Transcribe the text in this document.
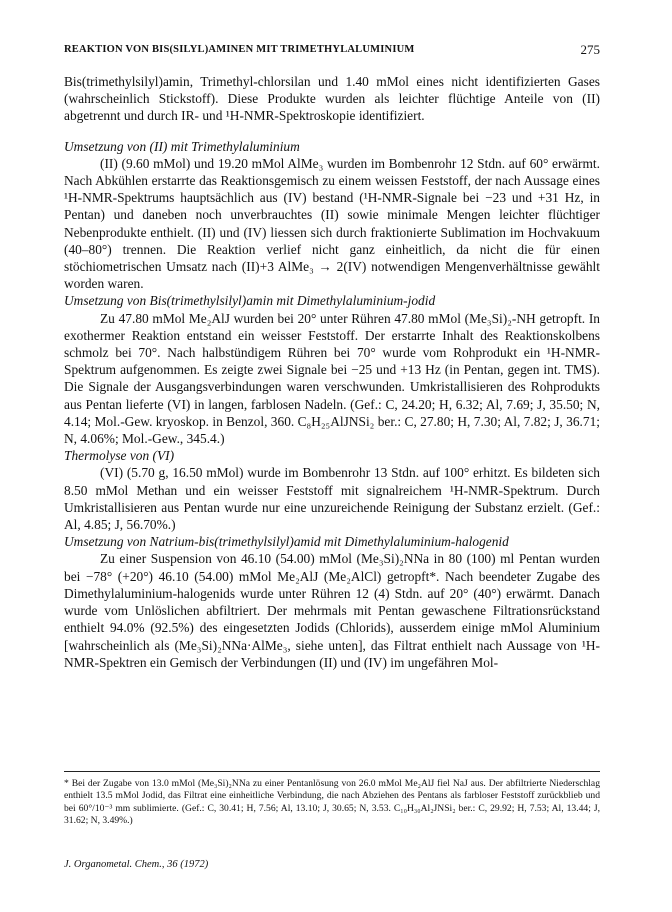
REAKTION VON BIS(SILYL)AMINEN MIT TRIMETHYLALUMINIUM	275

Bis(trimethylsilyl)amin, Trimethyl-chlorsilan und 1.40 mMol eines nicht identifizierten Gases (wahrscheinlich Stickstoff). Diese Produkte wurden als leichter flüchtige Anteile von (II) abgetrennt und durch IR- und ¹H-NMR-Spektroskopie identifiziert.

Umsetzung von (II) mit Trimethylaluminium

(II) (9.60 mMol) und 19.20 mMol AlMe₃ wurden im Bombenrohr 12 Stdn. auf 60° erwärmt. Nach Abkühlen erstarrte das Reaktionsgemisch zu einem weissen Feststoff, der nach Aussage eines ¹H-NMR-Spektrums hauptsächlich aus (IV) bestand (¹H-NMR-Signale bei −23 und +31 Hz, in Pentan) und daneben noch unverbrauchtes (II) sowie minimale Mengen leichter flüchtiger Nebenprodukte enthielt. (II) und (IV) liessen sich durch fraktionierte Sublimation im Hochvakuum (40–80°) trennen. Die Reaktion verlief nicht ganz einheitlich, da nicht die für einen stöchiometrischen Umsatz nach (II)+3 AlMe₃ → 2(IV) notwendigen Mengenverhältnisse gewählt worden waren.

Umsetzung von Bis(trimethylsilyl)amin mit Dimethylaluminium-jodid

Zu 47.80 mMol Me₂AlJ wurden bei 20° unter Rühren 47.80 mMol (Me₃Si)₂-NH getropft. In exothermer Reaktion entstand ein weisser Feststoff. Der erstarrte Inhalt des Reaktionskolbens schmolz bei 70°. Nach halbstündigem Rühren bei 70° wurde vom Rohprodukt ein ¹H-NMR-Spektrum aufgenommen. Es zeigte zwei Signale bei −25 und +13 Hz (in Pentan, gegen int. TMS). Die Signale der Ausgangsverbindungen waren verschwunden. Umkristallisieren des Rohprodukts aus Pentan lieferte (VI) in langen, farblosen Nadeln. (Gef.: C, 24.20; H, 6.32; Al, 7.69; J, 35.50; N, 4.14; Mol.-Gew. kryoskop. in Benzol, 360. C₈H₂₅AlJNSi₂ ber.: C, 27.80; H, 7.30; Al, 7.82; J, 36.71; N, 4.06%; Mol.-Gew., 345.4.)

Thermolyse von (VI)

(VI) (5.70 g, 16.50 mMol) wurde im Bombenrohr 13 Stdn. auf 100° erhitzt. Es bildeten sich 8.50 mMol Methan und ein weisser Feststoff mit signalreichem ¹H-NMR-Spektrum. Durch Umkristallisieren aus Pentan wurde nur eine unzureichende Reinigung der Substanz erzielt. (Gef.: Al, 4.85; J, 56.70%.)

Umsetzung von Natrium-bis(trimethylsilyl)amid mit Dimethylaluminium-halogenid

Zu einer Suspension von 46.10 (54.00) mMol (Me₃Si)₂NNa in 80 (100) ml Pentan wurden bei −78° (+20°) 46.10 (54.00) mMol Me₂AlJ (Me₂AlCl) getropft*. Nach beendeter Zugabe des Dimethylaluminium-halogenids wurde unter Rühren 12 (4) Stdn. auf 20° (40°) erwärmt. Danach wurde vom Unlöslichen abfiltriert. Der mehrmals mit Pentan gewaschene Filtrationsrückstand enthielt 94.0% (92.5%) des eingesetzten Jodids (Chlorids), ausserdem einige mMol Aluminium [wahrscheinlich als (Me₃Si)₂NNa·AlMe₃, siehe unten], das Filtrat enthielt nach Aussage von ¹H-NMR-Spektren ein Gemisch der Verbindungen (II) und (IV) im ungefähren Mol-

* Bei der Zugabe von 13.0 mMol (Me₃Si)₂NNa zu einer Pentanlösung von 26.0 mMol Me₂AlJ fiel NaJ aus. Der abfiltrierte Niederschlag enthielt 13.5 mMol Jodid, das Filtrat eine einheitliche Verbindung, die nach Abziehen des Pentans als farbloser Feststoff zurückblieb und bei 60°/10⁻³ mm sublimierte. (Gef.: C, 30.41; H, 7.56; Al, 13.10; J, 30.65; N, 3.53. C₁₀H₃₀Al₂JNSi₂ ber.: C, 29.92; H, 7.53; Al, 13.44; J, 31.62; N, 3.49%.)
J. Organometal. Chem., 36 (1972)
